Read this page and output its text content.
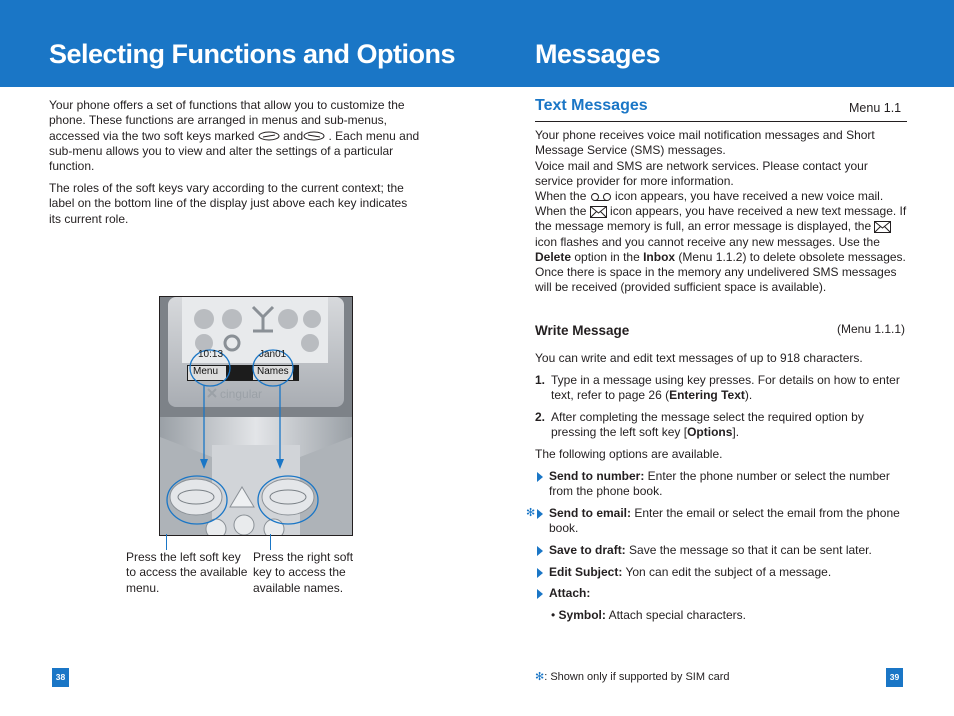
Selecting Functions and Options	Messages

Your phone offers a set of functions that allow you to customize the phone. These functions are arranged in menus and sub-menus, accessed via the two soft keys marked  and . Each menu and sub-menu allows you to view and alter the settings of a particular function.

The roles of the soft keys vary according to the current context; the label on the bottom line of the display just above each key indicates its current role.

10:13	Jan01
Menu	Names
cingular

Press the left soft key to access the available menu.

Press the right soft key to access the available names.

38
Text Messages	Menu 1.1

Your phone receives voice mail notification messages and Short Message Service (SMS) messages.

Voice mail and SMS are network services. Please contact your service provider for more information.

When the  icon appears, you have received a new voice mail.

When the  icon appears, you have received a new text message. If the message memory is full, an error message is displayed, the  icon flashes and you cannot receive any new messages. Use the Delete option in the Inbox (Menu 1.1.2) to delete obsolete messages. Once there is space in the memory any undelivered SMS messages will be received (provided sufficient space is available).

Write Message	(Menu 1.1.1)

You can write and edit text messages of up to 918 characters.

1. Type in a message using key presses. For details on how to enter text, refer to page 26 (Entering Text).

2. After completing the message select the required option by pressing the left soft key [Options].

The following options are available.

Send to number: Enter the phone number or select the number from the phone book.

✻ Send to email: Enter the email or select the email from the phone book.

Save to draft: Save the message so that it can be sent later.

Edit Subject: Yon can edit the subject of a message.

Attach:

• Symbol: Attach special characters.

✻: Shown only if supported by SIM card	39
